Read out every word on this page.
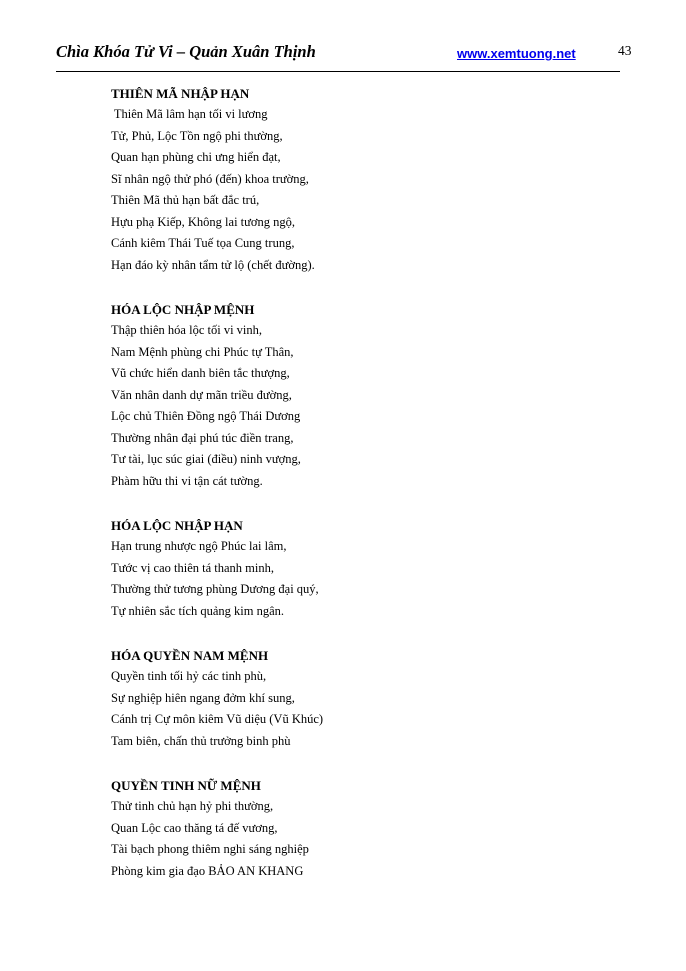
Chìa Khóa Tử Vi – Quản Xuân Thịnh	www.xemtuong.net	43
THIÊN MÃ NHẬP HẠN
Thiên Mã lâm hạn tối vi lương
Tử, Phủ, Lộc Tồn ngộ phi thường,
Quan hạn phùng chi ưng hiển đạt,
Sĩ nhân ngộ thử phó (đến) khoa trường,
Thiên Mã thủ hạn bất đắc trú,
Hựu phạ Kiếp, Không lai tương ngộ,
Cánh kiêm Thái Tuế tọa Cung trung,
Hạn đáo kỳ nhân tẩm tử lộ (chết đường).
HÓA LỘC NHẬP MỆNH
Thập thiên hóa lộc tối vi vinh,
Nam Mệnh phùng chi Phúc tự Thân,
Vũ chức hiển danh biên tắc thượng,
Văn nhân danh dự mãn triều đường,
Lộc chủ Thiên Đồng ngộ Thái Dương
Thường nhân đại phú túc điền trang,
Tư tài, lục súc giai (điều) ninh vượng,
Phàm hữu thi vi tận cát tường.
HÓA LỘC NHẬP HẠN
Hạn trung nhược ngộ Phúc lai lâm,
Tước vị cao thiên tá thanh minh,
Thường thử tương phùng Dương đại quý,
Tự nhiên sắc tích quảng kim ngân.
HÓA QUYỀN NAM MỆNH
Quyền tinh tối hỷ các tinh phù,
Sự nghiệp hiên ngang đởm khí sung,
Cánh trị Cự môn kiêm Vũ diệu (Vũ Khúc)
Tam biên, chấn thủ trưởng binh phù
QUYỀN TINH NỮ MỆNH
Thử tinh chủ hạn hỷ phi thường,
Quan Lộc cao thăng tá đế vương,
Tài bạch phong thiêm nghi sáng nghiệp
Phòng kim gia đạo BẢO AN KHANG
